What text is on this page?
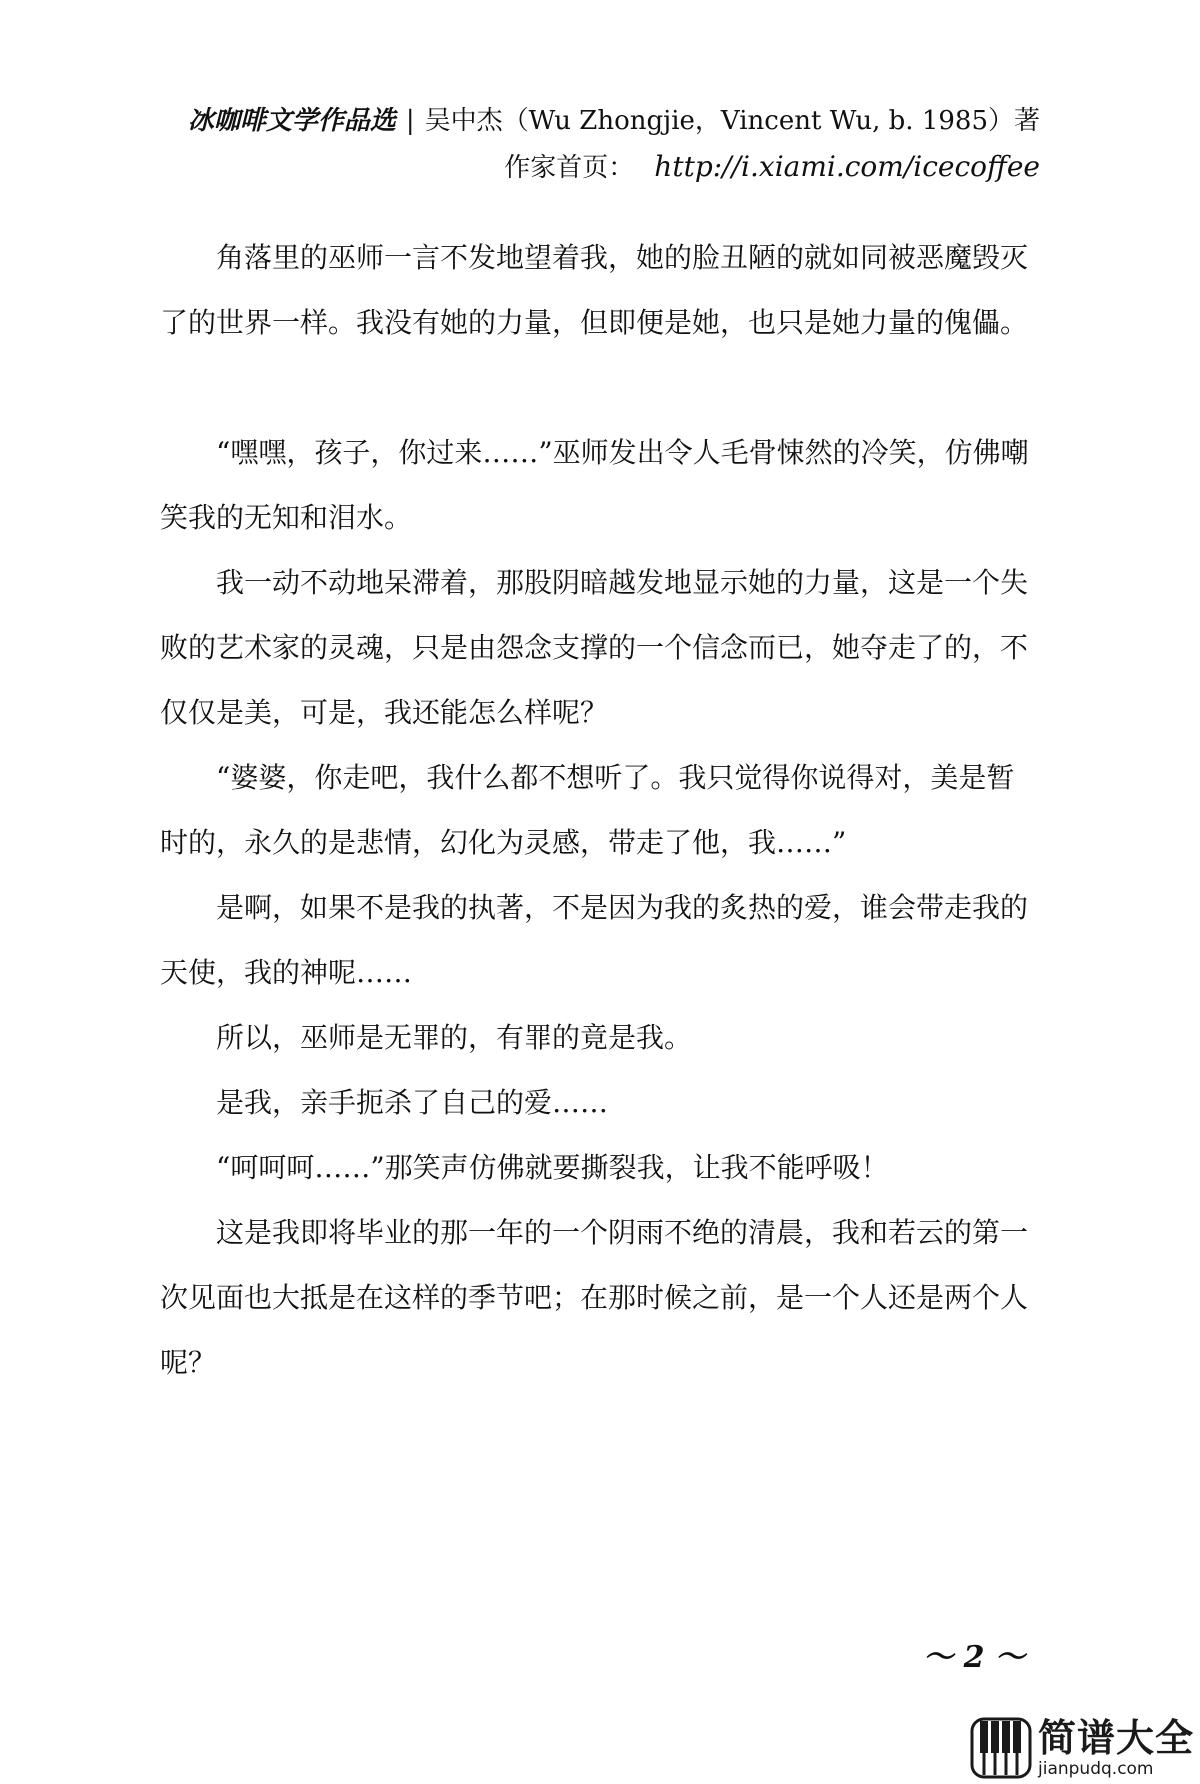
冰咖啡文学作品选 | 吴中杰（Wu Zhongjie，Vincent Wu, b. 1985）著
作家首页： http://i.xiami.com/icecoffee

角落里的巫师一言不发地望着我，她的脸丑陋的就如同被恶魔毁灭了的世界一样。我没有她的力量，但即便是她，也只是她力量的傀儡。

“嘿嘿，孩子，你过来……”巫师发出令人毛骨悚然的冷笑，仿佛嘲笑我的无知和泪水。

我一动不动地呆滞着，那股阴暗越发地显示她的力量，这是一个失败的艺术家的灵魂，只是由怨念支撑的一个信念而已，她夺走了的，不仅仅是美，可是，我还能怎么样呢？

“婆婆，你走吧，我什么都不想听了。我只觉得你说得对，美是暂时的，永久的是悲情，幻化为灵感，带走了他，我……”

是啊，如果不是我的执著，不是因为我的炙热的爱，谁会带走我的天使，我的神呢……

所以，巫师是无罪的，有罪的竟是我。

是我，亲手扼杀了自己的爱……

“呵呵呵……”那笑声仿佛就要撕裂我，让我不能呼吸！

这是我即将毕业的那一年的一个阴雨不绝的清晨，我和若云的第一次见面也大抵是在这样的季节吧；在那时候之前，是一个人还是两个人呢？

～ 2 ～
简谱大全
jianpudq.com
